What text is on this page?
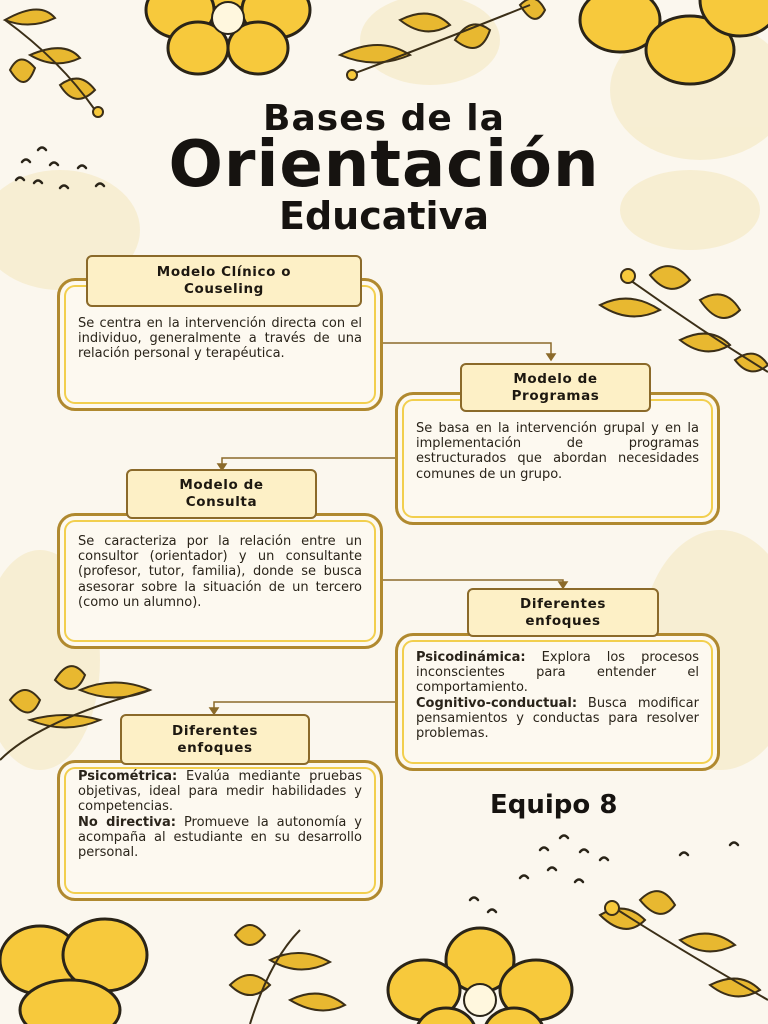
Bases de la
Orientación
Educativa

Se centra en la intervención directa con el individuo, generalmente a través de una relación personal y terapéutica.

Modelo Clínico o
Couseling

Se basa en la intervención grupal y en la implementación de programas estructurados que abordan necesidades comunes de un grupo.

Modelo de
Programas

Se caracteriza por la relación entre un consultor (orientador) y un consultante (profesor, tutor, familia), donde se busca asesorar sobre la situación de un tercero (como un alumno).

Modelo de
Consulta

Psicodinámica: Explora los procesos inconscientes para entender el comportamiento.

Cognitivo-conductual: Busca modificar pensamientos y conductas para resolver problemas.

Diferentes
enfoques

Psicométrica: Evalúa mediante pruebas objetivas, ideal para medir habilidades y competencias.

No directiva: Promueve la autonomía y acompaña al estudiante en su desarrollo personal.

Diferentes
enfoques
Equipo 8
